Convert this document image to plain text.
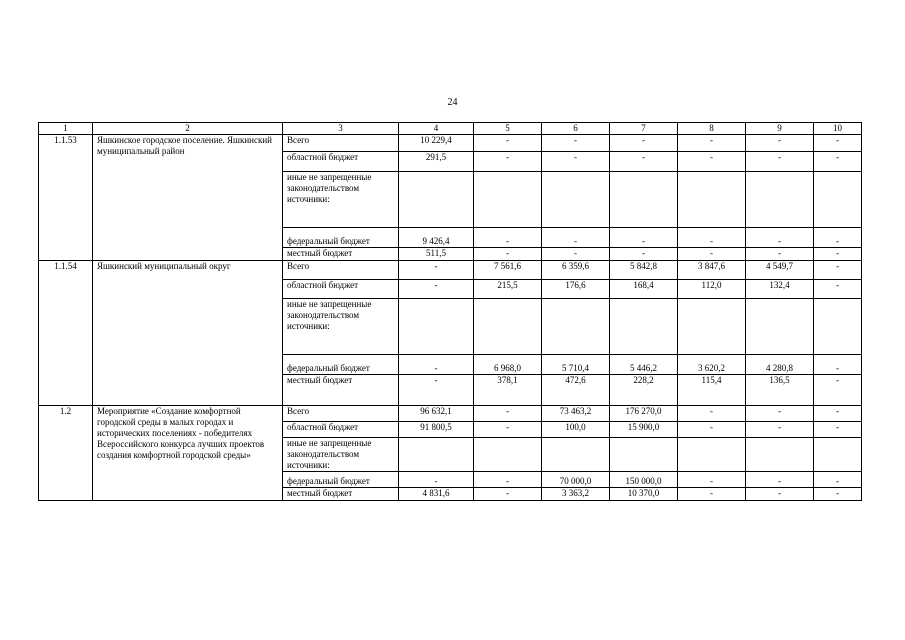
24
1	2	3	4	5	6	7	8	9	10
1.1.53	Яшкинское городское поселение. Яшкинский муниципальный район	Всего	10 229,4	-	-	-	-	-	-
		областной бюджет	291,5	-	-	-	-	-	-
		иные не запрещенные законодательством источники:							
		федеральный бюджет	9 426,4	-	-	-	-	-	-
		местный бюджет	511,5	-	-	-	-	-	-
1.1.54	Яшкинский муниципальный округ	Всего	-	7 561,6	6 359,6	5 842,8	3 847,6	4 549,7	-
		областной бюджет	-	215,5	176,6	168,4	112,0	132,4	-
		иные не запрещенные законодательством источники:							
		федеральный бюджет	-	6 968,0	5 710,4	5 446,2	3 620,2	4 280,8	-
		местный бюджет	-	378,1	472,6	228,2	115,4	136,5	-
1.2	Мероприятие «Создание комфортной городской среды в малых городах и исторических поселениях - победителях Всероссийского конкурса лучших проектов создания комфортной городской среды»	Всего	96 632,1	-	73 463,2	176 270,0	-	-	-
		областной бюджет	91 800,5	-	100,0	15 900,0	-	-	-
		иные не запрещенные законодательством источники:							
		федеральный бюджет	-	-	70 000,0	150 000,0	-	-	-
		местный бюджет	4 831,6	-	3 363,2	10 370,0	-	-	-
